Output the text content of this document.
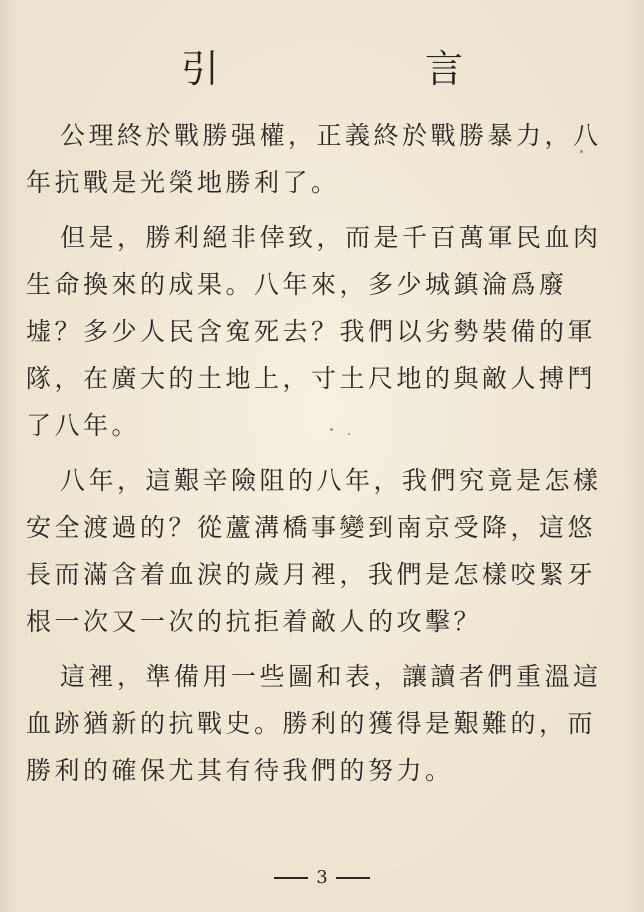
引　言

公理終於戰勝强權，正義終於戰勝暴力，八年抗戰是光榮地勝利了。

但是，勝利絕非倖致，而是千百萬軍民血肉生命換來的成果。八年來，多少城鎮淪爲廢墟？多少人民含寃死去？我們以劣勢裝備的軍隊，在廣大的土地上，寸土尺地的與敵人搏鬥了八年。

八年，這艱辛險阻的八年，我們究竟是怎樣安全渡過的？從蘆溝橋事變到南京受降，這悠長而滿含着血淚的歲月裡，我們是怎樣咬緊牙根一次又一次的抗拒着敵人的攻擊？

這裡，準備用一些圖和表，讓讀者們重溫這血跡猶新的抗戰史。勝利的獲得是艱難的，而勝利的確保尤其有待我們的努力。

3
